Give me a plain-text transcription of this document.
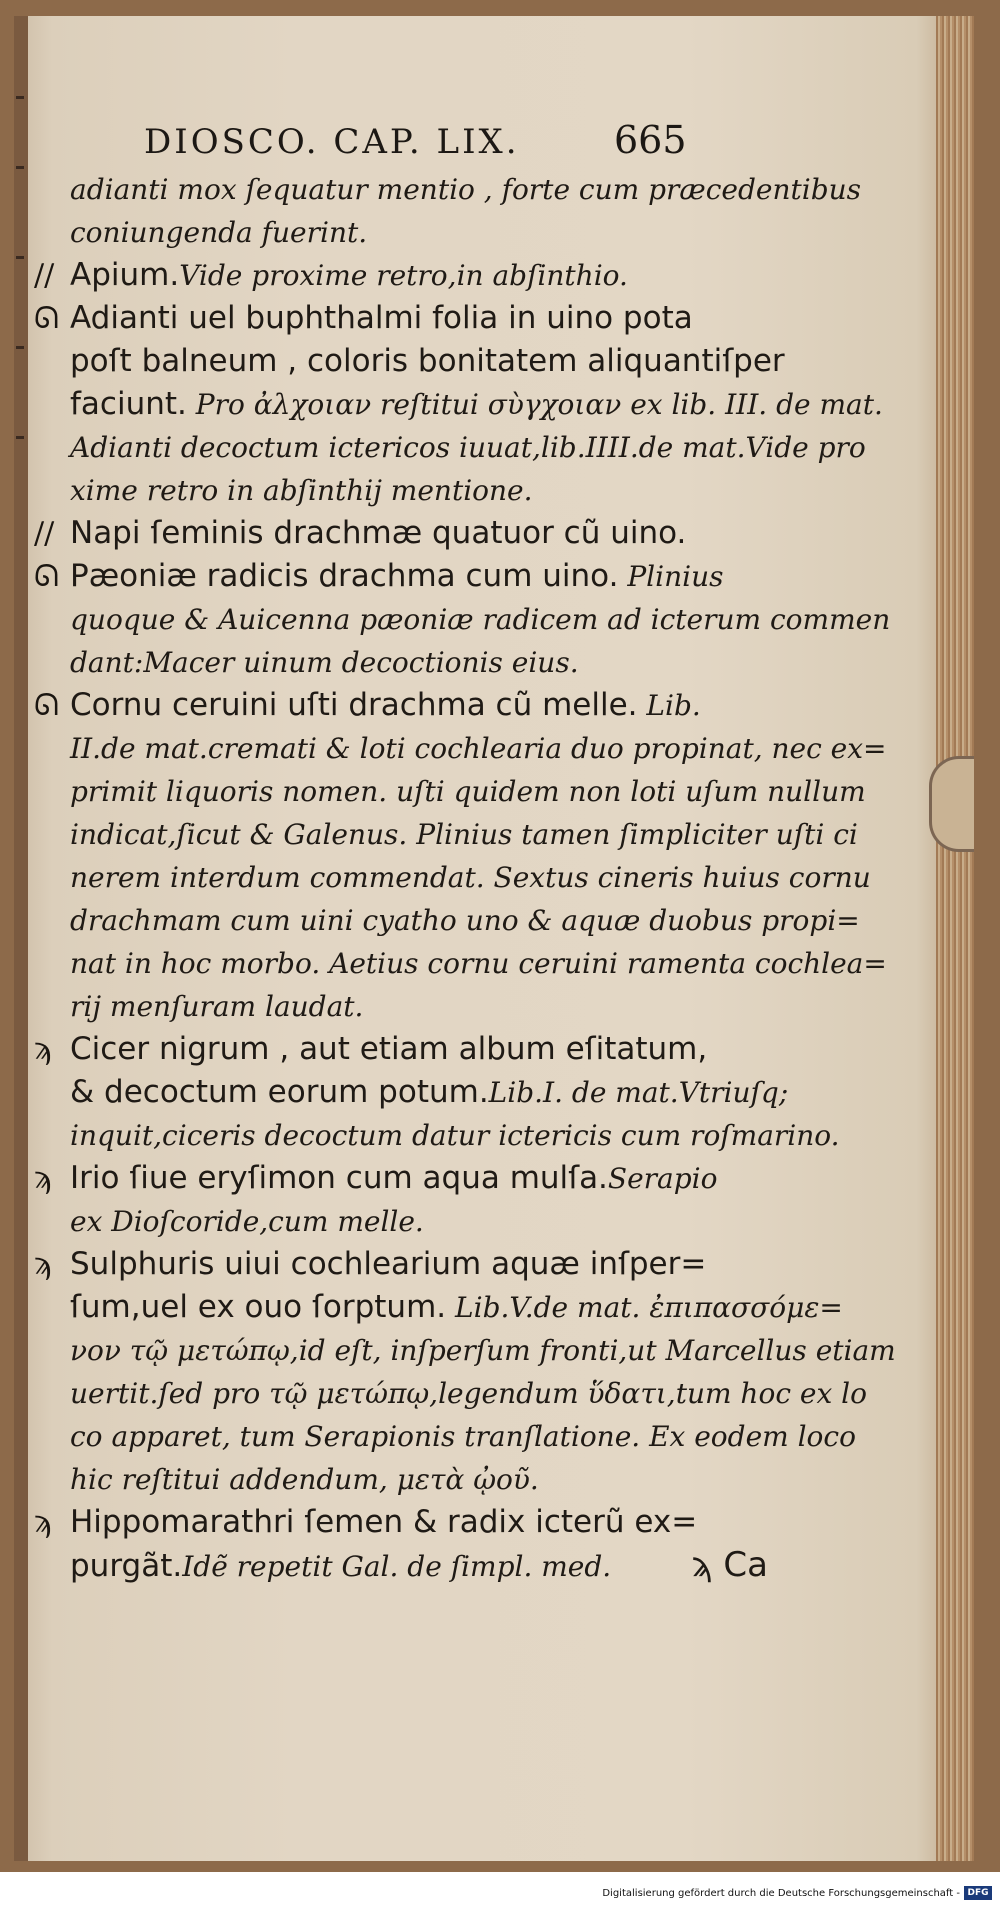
DIOSCO. CAP. LIX. 665
adianti mox ſequatur mentio , forte cum præcedentibus
coniungenda fuerint.
// Apium.Vide proxime retro,in abſinthio.
ᘏ Adianti uel buphthalmi folia in uino pota
poſt balneum , coloris bonitatem aliquantiſper
faciunt. Pro ἀλχοιαν reſtitui σὺγχοιαν ex lib. III. de mat.
Adianti decoctum ictericos iuuat,lib.IIII.de mat.Vide pro
xime retro in abſinthij mentione.
// Napi ſeminis drachmæ quatuor cũ uino.
ᘏ Pæoniæ radicis drachma cum uino. Plinius
quoque & Auicenna pæoniæ radicem ad icterum commen
dant:Macer uinum decoctionis eius.
ᘏ Cornu ceruini uſti drachma cũ melle. Lib.
II.de mat.cremati & loti cochlearia duo propinat, nec ex=
primit liquoris nomen. uſti quidem non loti uſum nullum
indicat,ſicut & Galenus. Plinius tamen ſimpliciter uſti ci
nerem interdum commendat. Sextus cineris huius cornu
drachmam cum uini cyatho uno & aquæ duobus propi=
nat in hoc morbo. Aetius cornu ceruini ramenta cochlea=
rij menſuram laudat.
ϡ Cicer nigrum , aut etiam album eſitatum,
& decoctum eorum potum.Lib.I. de mat.Vtriuſq;
inquit,ciceris decoctum datur ictericis cum roſmarino.
ϡ Irio ſiue eryſimon cum aqua mulſa.Serapio
ex Dioſcoride,cum melle.
ϡ Sulphuris uiui cochlearium aquæ inſper=
ſum,uel ex ouo ſorptum. Lib.V.de mat. ἐπιπασσόμε=
νον τῷ μετώπῳ,id eſt, inſperſum fronti,ut Marcellus etiam
uertit.ſed pro τῷ μετώπῳ,legendum ὕδατι,tum hoc ex lo
co apparet, tum Serapionis tranſlatione. Ex eodem loco
hic reſtitui addendum, μετὰ ᾠοῦ.
ϡ Hippomarathri ſemen & radix icterũ ex=
purgãt.Idẽ repetit Gal. de ſimpl. med. ϡ Ca
Digitalisierung gefördert durch die Deutsche Forschungsgemeinschaft - DFG
